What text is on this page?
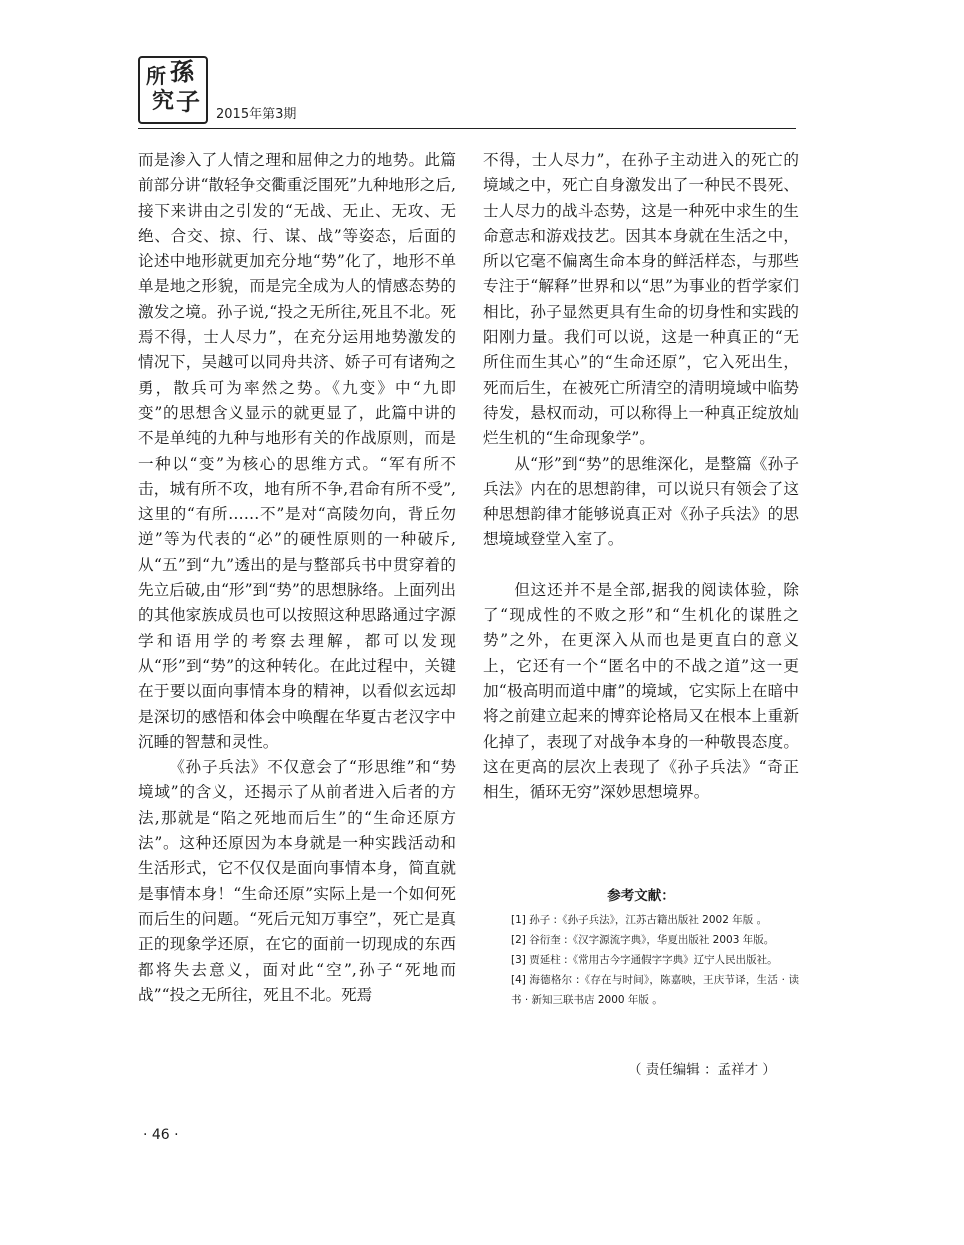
所 孫
究 子 2015年第3期

而是渗入了人情之理和屈伸之力的地势。此篇前部分讲“散轻争交衢重泛围死”九种地形之后,接下来讲由之引发的“无战、无止、无攻、无绝、合交、掠、行、谋、战”等姿态，后面的论述中地形就更加充分地“势”化了，地形不单单是地之形貌，而是完全成为人的情感态势的激发之境。孙子说,“投之无所往,死且不北。死焉不得，士人尽力”，在充分运用地势激发的情况下，吴越可以同舟共济、娇子可有诸殉之勇，散兵可为率然之势。《九变》中“九即变”的思想含义显示的就更显了，此篇中讲的不是单纯的九种与地形有关的作战原则，而是一种以“变”为核心的思维方式。“军有所不击，城有所不攻，地有所不争,君命有所不受”,这里的“有所……不”是对“高陵勿向，背丘勿逆”等为代表的“必”的硬性原则的一种破斥,从“五”到“九”透出的是与整部兵书中贯穿着的先立后破,由“形”到“势”的思想脉络。上面列出的其他家族成员也可以按照这种思路通过字源学和语用学的考察去理解，都可以发现从“形”到“势”的这种转化。在此过程中，关键在于要以面向事情本身的精神，以看似玄远却是深切的感悟和体会中唤醒在华夏古老汉字中沉睡的智慧和灵性。

《孙子兵法》不仅意会了“形思维”和“势境域”的含义，还揭示了从前者进入后者的方法,那就是“陷之死地而后生”的“生命还原方法”。这种还原因为本身就是一种实践活动和生活形式，它不仅仅是面向事情本身，简直就是事情本身！“生命还原”实际上是一个如何死而后生的问题。“死后元知万事空”，死亡是真正的现象学还原，在它的面前一切现成的东西都将失去意义，面对此“空”,孙子“死地而战”“投之无所往，死且不北。死焉

不得，士人尽力”，在孙子主动进入的死亡的境域之中，死亡自身激发出了一种民不畏死、士人尽力的战斗态势，这是一种死中求生的生命意志和游戏技艺。因其本身就在生活之中，所以它毫不偏离生命本身的鲜活样态，与那些专注于“解释”世界和以“思”为事业的哲学家们相比，孙子显然更具有生命的切身性和实践的阳刚力量。我们可以说，这是一种真正的“无所住而生其心”的“生命还原”，它入死出生，死而后生，在被死亡所清空的清明境域中临势待发，悬权而动，可以称得上一种真正绽放灿烂生机的“生命现象学”。

从“形”到“势”的思维深化，是整篇《孙子兵法》内在的思想韵律，可以说只有领会了这种思想韵律才能够说真正对《孙子兵法》的思想境域登堂入室了。

但这还并不是全部,据我的阅读体验，除了“现成性的不败之形”和“生机化的谋胜之势”之外，在更深入从而也是更直白的意义上，它还有一个“匿名中的不战之道”这一更加“极高明而道中庸”的境域，它实际上在暗中将之前建立起来的博弈论格局又在根本上重新化掉了，表现了对战争本身的一种敬畏态度。这在更高的层次上表现了《孙子兵法》“奇正相生，循环无穷”深妙思想境界。

参考文献：
[1] 孙子 :《孙子兵法》，江苏古籍出版社 2002 年版 。
[2] 谷衍奎 :《汉字源流字典》，华夏出版社 2003 年版。
[3] 贾延柱 :《常用古今字通假字字典》辽宁人民出版社。
[4] 海德格尔 :《存在与时间》，陈嘉映，王庆节译，生活 · 读书 · 新知三联书店 2000 年版 。
（ 责任编辑 ：孟祥才 ）
· 46 ·
